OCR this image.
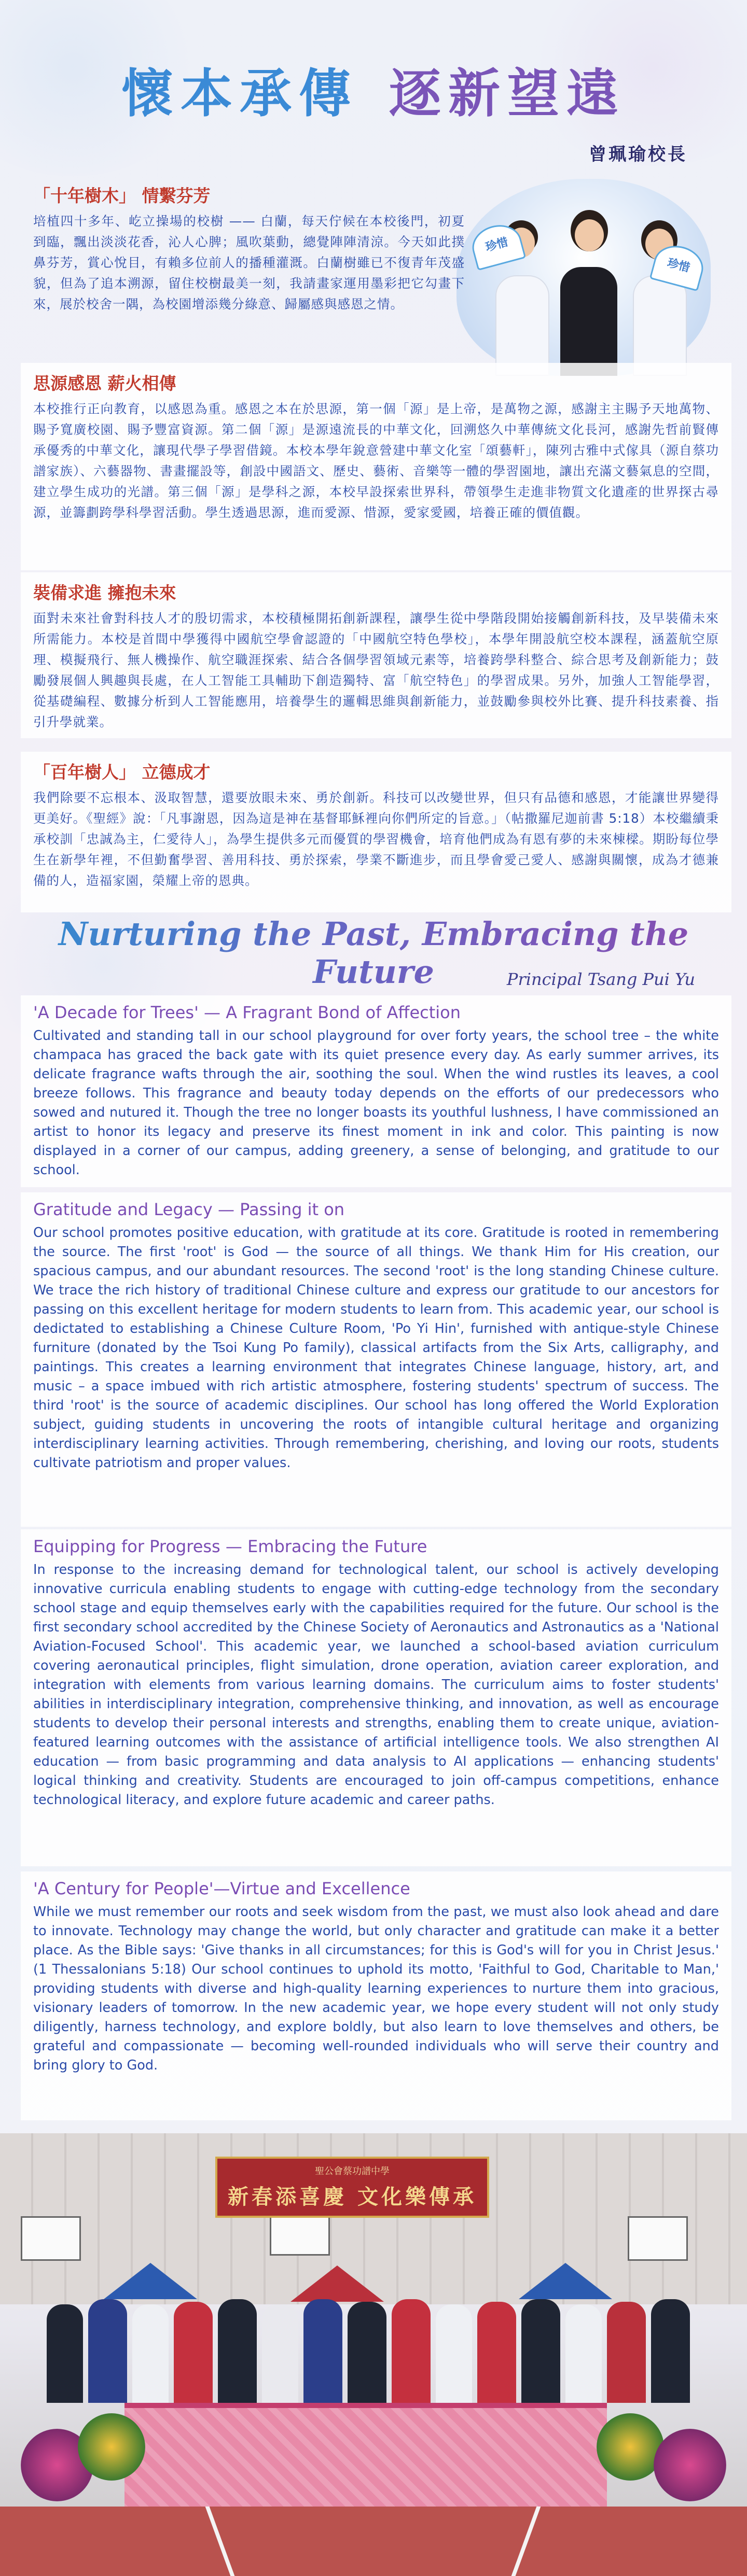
懷本承傳 逐新望遠
曾珮瑜校長
珍惜
珍惜
「十年樹木」 情繫芬芳

培植四十多年、屹立操場的校樹 —— 白蘭，每天佇候在本校後門，初夏到臨，飄出淡淡花香，沁人心脾；風吹葉動，總覺陣陣清涼。今天如此撲鼻芬芳，賞心悅目，有賴多位前人的播種灌溉。白蘭樹雖已不復青年茂盛貌，但為了追本溯源，留住校樹最美一刻，我請畫家運用墨彩把它勾畫下來，展於校舍一隅，為校園增添幾分綠意、歸屬感與感恩之情。

思源感恩 薪火相傳

本校推行正向教育，以感恩為重。感恩之本在於思源，第一個「源」是上帝，是萬物之源，感謝主主賜予天地萬物、賜予寬廣校園、賜予豐富資源。第二個「源」是源遠流長的中華文化，回溯悠久中華傳統文化長河，感謝先哲前賢傳承優秀的中華文化，讓現代學子學習借鏡。本校本學年銳意營建中華文化室「頌藝軒」，陳列古雅中式傢具（源自蔡功譜家族）、六藝器物、書畫擺設等，創設中國語文、歷史、藝術、音樂等一體的學習園地，讓出充滿文藝氣息的空間，建立學生成功的光譜。第三個「源」是學科之源，本校早設探索世界科，帶領學生走進非物質文化遺產的世界探古尋源，並籌劃跨學科學習活動。學生透過思源，進而愛源、惜源，愛家愛國，培養正確的價值觀。

裝備求進 擁抱未來

面對未來社會對科技人才的殷切需求，本校積極開拓創新課程，讓學生從中學階段開始接觸創新科技，及早裝備未來所需能力。本校是首間中學獲得中國航空學會認證的「中國航空特色學校」，本學年開設航空校本課程，涵蓋航空原理、模擬飛行、無人機操作、航空職涯探索、結合各個學習領域元素等，培養跨學科整合、綜合思考及創新能力；鼓勵發展個人興趣與長處，在人工智能工具輔助下創造獨特、富「航空特色」的學習成果。另外，加強人工智能學習，從基礎編程、數據分析到人工智能應用，培養學生的邏輯思維與創新能力，並鼓勵參與校外比賽、提升科技素養、指引升學就業。

「百年樹人」 立德成才

我們除要不忘根本、汲取智慧，還要放眼未來、勇於創新。科技可以改變世界，但只有品德和感恩，才能讓世界變得更美好。《聖經》說：「凡事謝恩，因為這是神在基督耶穌裡向你們所定的旨意。」（帖撒羅尼迦前書 5:18）本校繼續秉承校訓「忠誠為主，仁愛待人」，為學生提供多元而優質的學習機會，培育他們成為有恩有夢的未來棟樑。期盼每位學生在新學年裡，不但勤奮學習、善用科技、勇於探索，學業不斷進步，而且學會愛己愛人、感謝與關懷，成為才德兼備的人，造福家園，榮耀上帝的恩典。

Nurturing the Past, Embracing the Future	Principal Tsang Pui Yu
'A Decade for Trees' — A Fragrant Bond of Affection

Cultivated and standing tall in our school playground for over forty years, the school tree – the white champaca has graced the back gate with its quiet presence every day. As early summer arrives, its delicate fragrance wafts through the air, soothing the soul. When the wind rustles its leaves, a cool breeze follows. This fragrance and beauty today depends on the efforts of our predecessors who sowed and nutured it. Though the tree no longer boasts its youthful lushness, I have commissioned an artist to honor its legacy and preserve its finest moment in ink and color. This painting is now displayed in a corner of our campus, adding greenery, a sense of belonging, and gratitude to our school.

Gratitude and Legacy — Passing it on

Our school promotes positive education, with gratitude at its core. Gratitude is rooted in remembering the source. The first 'root' is God — the source of all things. We thank Him for His creation, our spacious campus, and our abundant resources. The second 'root' is the long standing Chinese culture. We trace the rich history of traditional Chinese culture and express our gratitude to our ancestors for passing on this excellent heritage for modern students to learn from. This academic year, our school is dedictated to establishing a Chinese Culture Room, 'Po Yi Hin', furnished with antique-style Chinese furniture (donated by the Tsoi Kung Po family), classical artifacts from the Six Arts, calligraphy, and paintings. This creates a learning environment that integrates Chinese language, history, art, and music – a space imbued with rich artistic atmosphere, fostering students' spectrum of success. The third 'root' is the source of academic disciplines. Our school has long offered the World Exploration subject, guiding students in uncovering the roots of intangible cultural heritage and organizing interdisciplinary learning activities. Through remembering, cherishing, and loving our roots, students cultivate patriotism and proper values.

Equipping for Progress — Embracing the Future

In response to the increasing demand for technological talent, our school is actively developing innovative curricula enabling students to engage with cutting-edge technology from the secondary school stage and equip themselves early with the capabilities required for the future. Our school is the first secondary school accredited by the Chinese Society of Aeronautics and Astronautics as a 'National Aviation-Focused School'. This academic year, we launched a school-based aviation curriculum covering aeronautical principles, flight simulation, drone operation, aviation career exploration, and integration with elements from various learning domains. The curriculum aims to foster students' abilities in interdisciplinary integration, comprehensive thinking, and innovation, as well as encourage students to develop their personal interests and strengths, enabling them to create unique, aviation-featured learning outcomes with the assistance of artificial intelligence tools. We also strengthen AI education — from basic programming and data analysis to AI applications — enhancing students' logical thinking and creativity. Students are encouraged to join off-campus competitions, enhance technological literacy, and explore future academic and career paths.

'A Century for People'—Virtue and Excellence

While we must remember our roots and seek wisdom from the past, we must also look ahead and dare to innovate. Technology may change the world, but only character and gratitude can make it a better place. As the Bible says: 'Give thanks in all circumstances; for this is God's will for you in Christ Jesus.' (1 Thessalonians 5:18) Our school continues to uphold its motto, 'Faithful to God, Charitable to Man,' providing students with diverse and high-quality learning experiences to nurture them into gracious, visionary leaders of tomorrow. In the new academic year, we hope every student will not only study diligently, harness technology, and explore boldly, but also learn to love themselves and others, be grateful and compassionate — becoming well-rounded individuals who will serve their country and bring glory to God.

聖公會蔡功譜中學
新春添喜慶 文化樂傳承
